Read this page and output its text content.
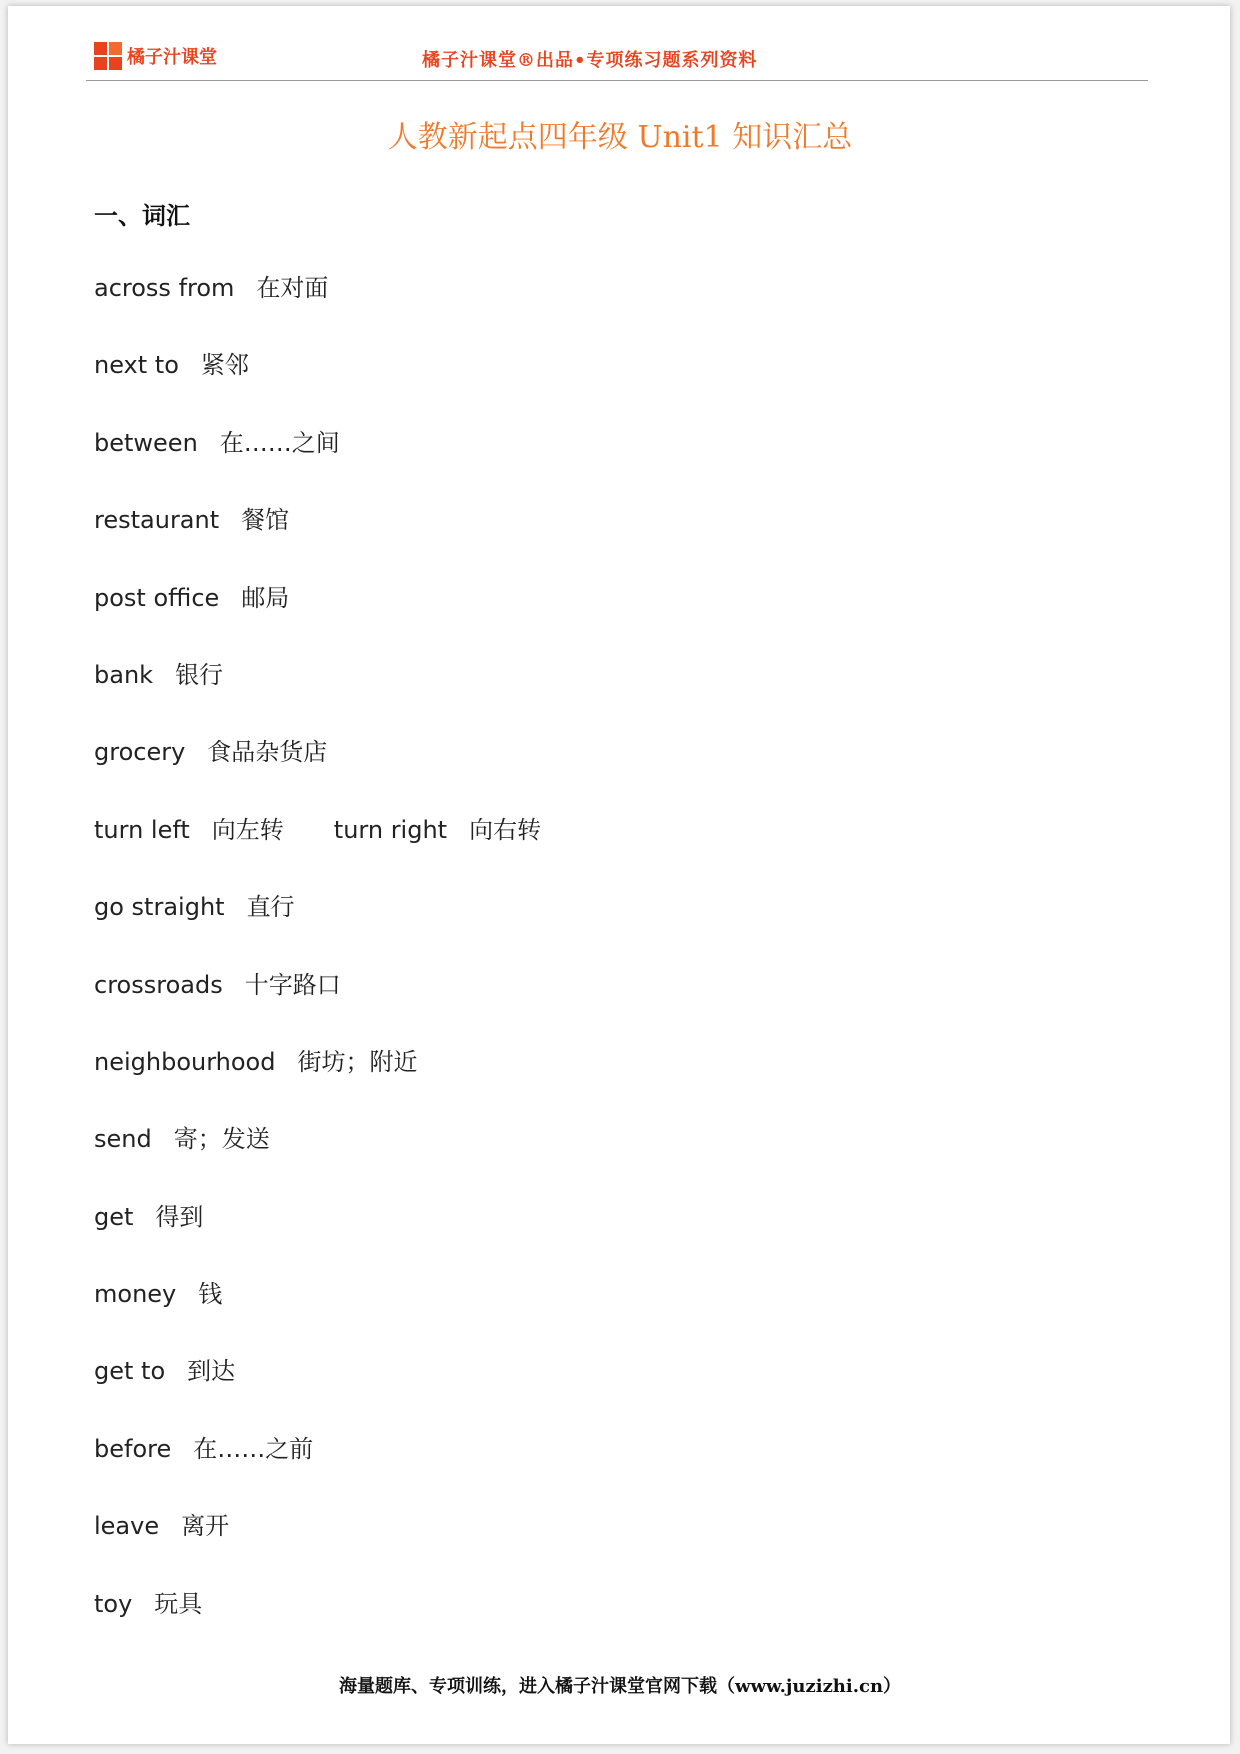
橘子汁课堂	橘子汁课堂®出品•专项练习题系列资料
人教新起点四年级 Unit1 知识汇总
一、词汇
across from 在对面
next to 紧邻
between 在……之间
restaurant 餐馆
post office 邮局
bank 银行
grocery 食品杂货店
turn left 向左转 turn right 向右转
go straight 直行
crossroads 十字路口
neighbourhood 街坊；附近
send 寄；发送
get 得到
money 钱
get to 到达
before 在……之前
leave 离开
toy 玩具
海量题库、专项训练，进入橘子汁课堂官网下载（www.juzizhi.cn）
